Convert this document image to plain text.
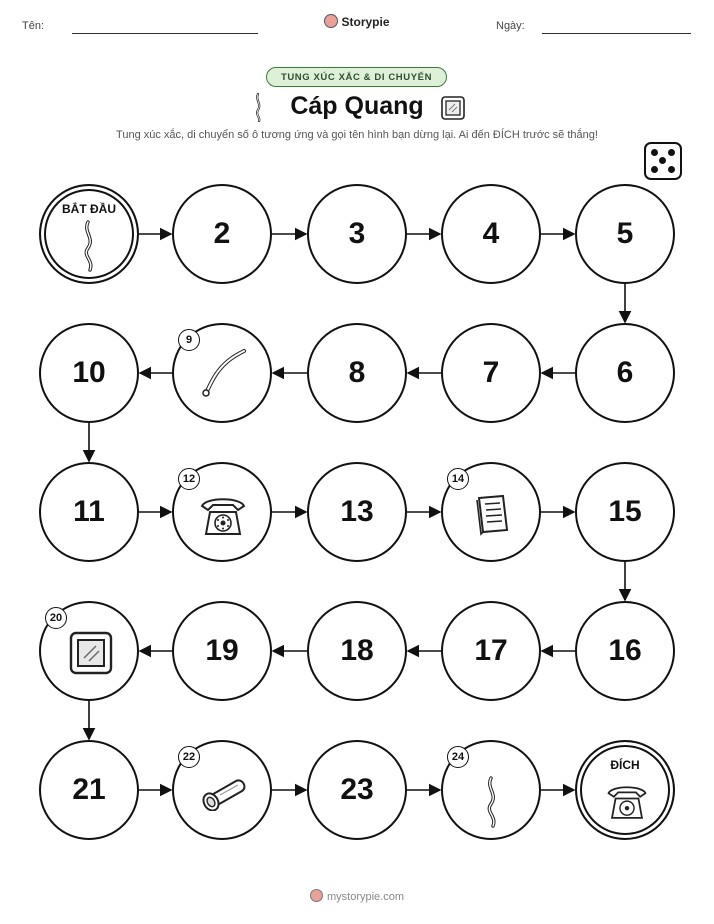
Tên:	Storypie	Ngày:
TUNG XÚC XẮC & DI CHUYỂN
Cáp Quang
Tung xúc xắc, di chuyển số ô tương ứng và gọi tên hình bạn dừng lại. Ai đến ĐÍCH trước sẽ thắng!
BẮT ĐẦU
2	3	4	5
6
7
8
9
10
11
12
13
14
15
16
17
18
19
20
21
22
23
24
ĐÍCH
mystorypie.com
